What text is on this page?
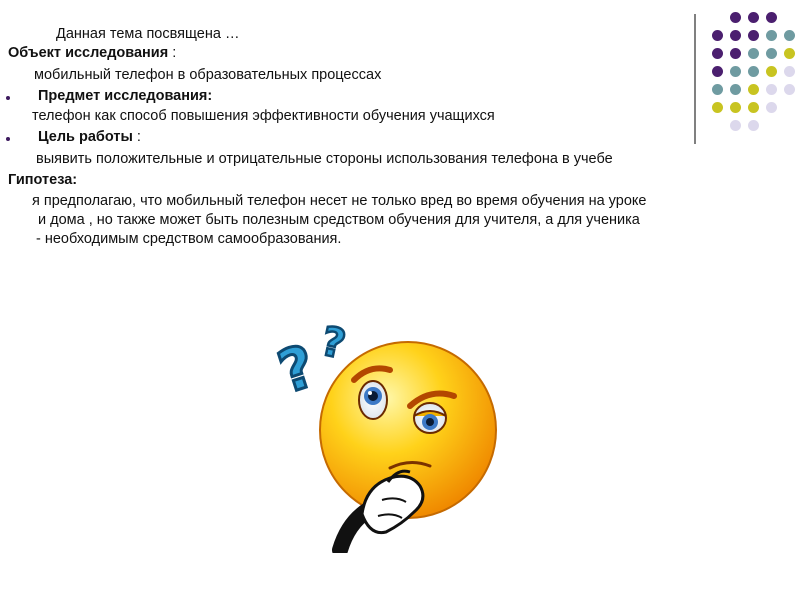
Данная тема посвящена …
Объект исследования :
мобильный телефон в образовательных процессах
Предмет исследования:
телефон как способ повышения эффективности обучения учащихся
Цель работы :
выявить положительные и отрицательные стороны использования телефона в учебе
Гипотеза:
я предполагаю, что мобильный телефон несет не только вред во время обучения на уроке
и дома , но также может быть полезным средством обучения для учителя, а для ученика
- необходимым средством самообразования.
?
?
